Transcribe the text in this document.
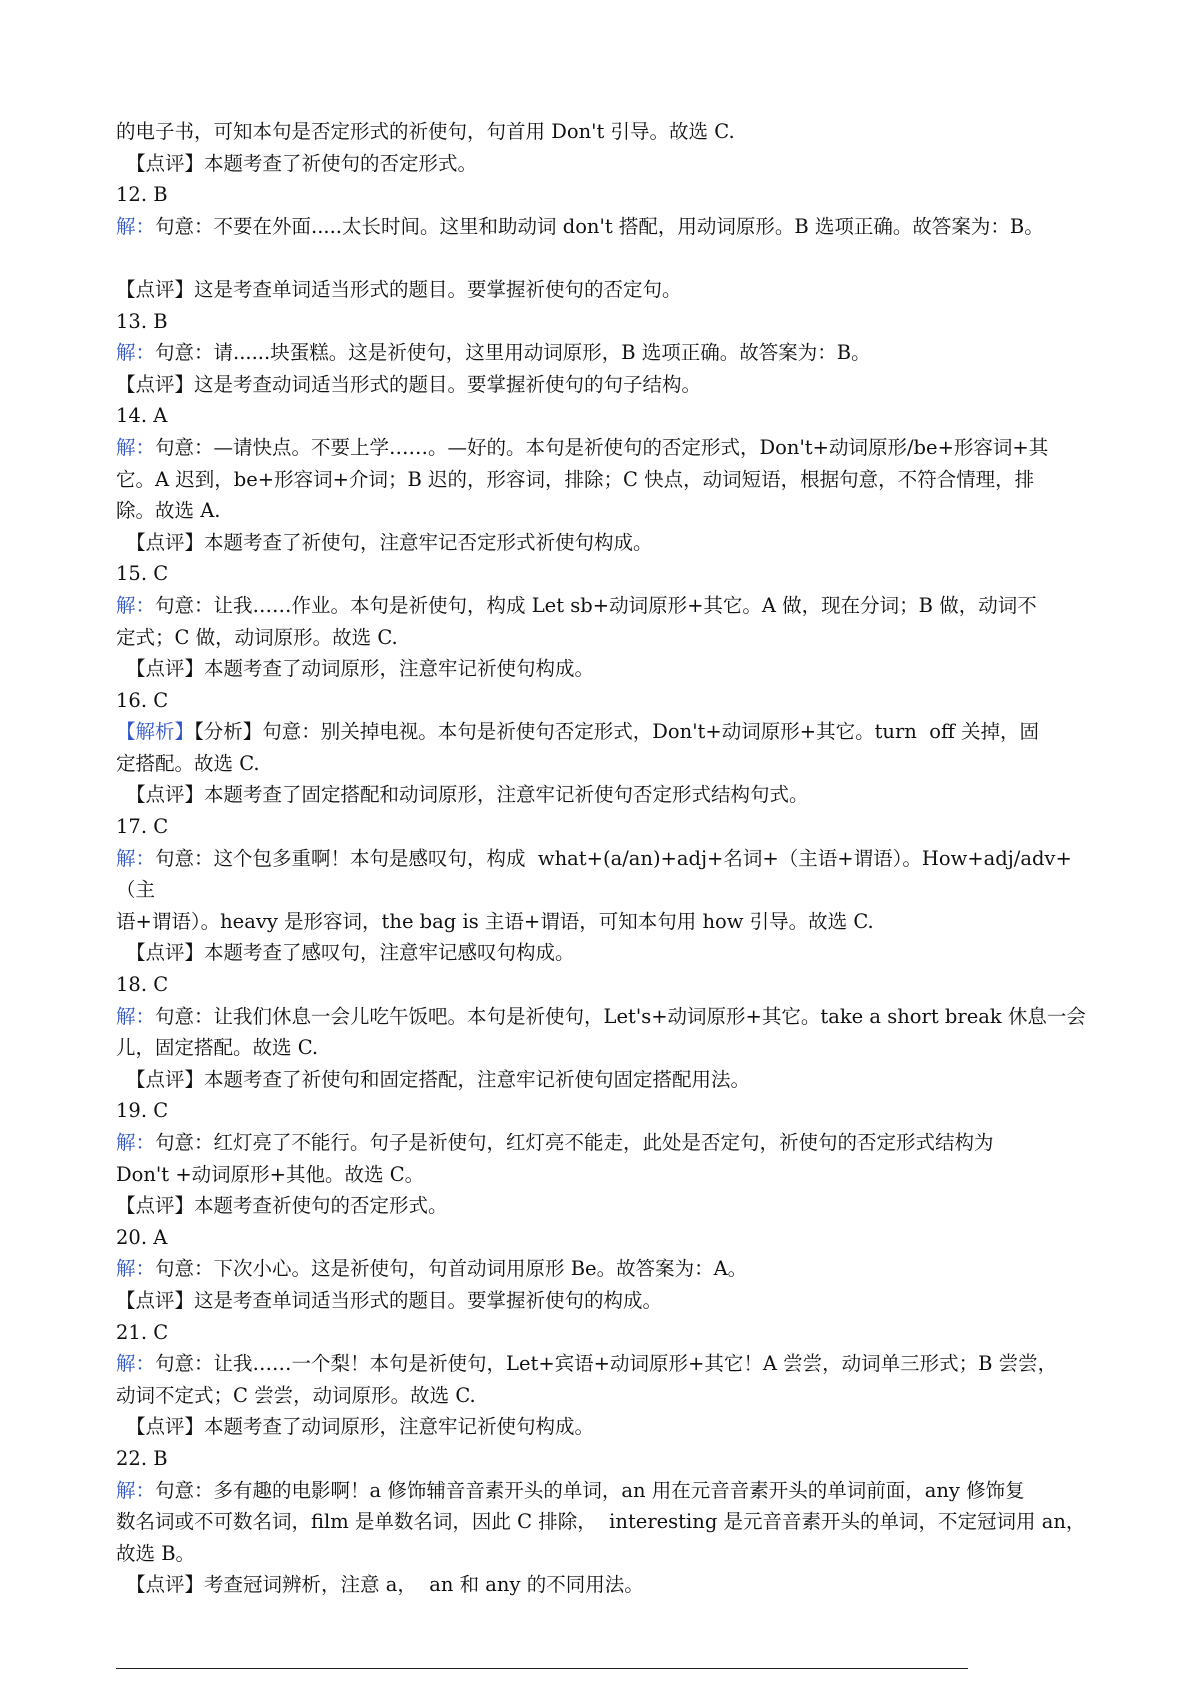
的电子书，可知本句是否定形式的祈使句，句首用 Don't 引导。故选 C.

【点评】本题考查了祈使句的否定形式。

12. B

解：句意：不要在外面.....太长时间。这里和助动词 don't 搭配，用动词原形。B 选项正确。故答案为：B。

【点评】这是考查单词适当形式的题目。要掌握祈使句的否定句。

13. B

解：句意：请......块蛋糕。这是祈使句，这里用动词原形，B 选项正确。故答案为：B。

【点评】这是考查动词适当形式的题目。要掌握祈使句的句子结构。

14. A

解：句意：—请快点。不要上学……。—好的。本句是祈使句的否定形式，Don't+动词原形/be+形容词+其

它。A 迟到，be+形容词+介词；B 迟的，形容词，排除；C 快点，动词短语，根据句意，不符合情理，排

除。故选 A.

【点评】本题考查了祈使句，注意牢记否定形式祈使句构成。

15. C

解：句意：让我……作业。本句是祈使句，构成 Let sb+动词原形+其它。A 做，现在分词；B 做，动词不

定式；C 做，动词原形。故选 C.

【点评】本题考查了动词原形，注意牢记祈使句构成。

16. C

【解析】【分析】句意：别关掉电视。本句是祈使句否定形式，Don't+动词原形+其它。turn  off 关掉，固

定搭配。故选 C.

【点评】本题考查了固定搭配和动词原形，注意牢记祈使句否定形式结构句式。

17. C

解：句意：这个包多重啊！本句是感叹句，构成  what+(a/an)+adj+名词+（主语+谓语）。How+adj/adv+（主

语+谓语）。heavy 是形容词，the bag is 主语+谓语，可知本句用 how 引导。故选 C.

【点评】本题考查了感叹句，注意牢记感叹句构成。

18. C

解：句意：让我们休息一会儿吃午饭吧。本句是祈使句，Let's+动词原形+其它。take a short break 休息一会

儿，固定搭配。故选 C.

【点评】本题考查了祈使句和固定搭配，注意牢记祈使句固定搭配用法。

19. C

解：句意：红灯亮了不能行。句子是祈使句，红灯亮不能走，此处是否定句，祈使句的否定形式结构为

Don't +动词原形+其他。故选 C。

【点评】本题考查祈使句的否定形式。

20. A

解：句意：下次小心。这是祈使句，句首动词用原形 Be。故答案为：A。

【点评】这是考查单词适当形式的题目。要掌握祈使句的构成。

21. C

解：句意：让我……一个梨！本句是祈使句，Let+宾语+动词原形+其它！A 尝尝，动词单三形式；B 尝尝，

动词不定式；C 尝尝，动词原形。故选 C.

【点评】本题考查了动词原形，注意牢记祈使句构成。

22. B

解：句意：多有趣的电影啊！a 修饰辅音音素开头的单词，an 用在元音音素开头的单词前面，any 修饰复

数名词或不可数名词，film 是单数名词，因此 C 排除，  interesting 是元音音素开头的单词，不定冠词用 an，

故选 B。

【点评】考查冠词辨析，注意 a，  an 和 any 的不同用法。
